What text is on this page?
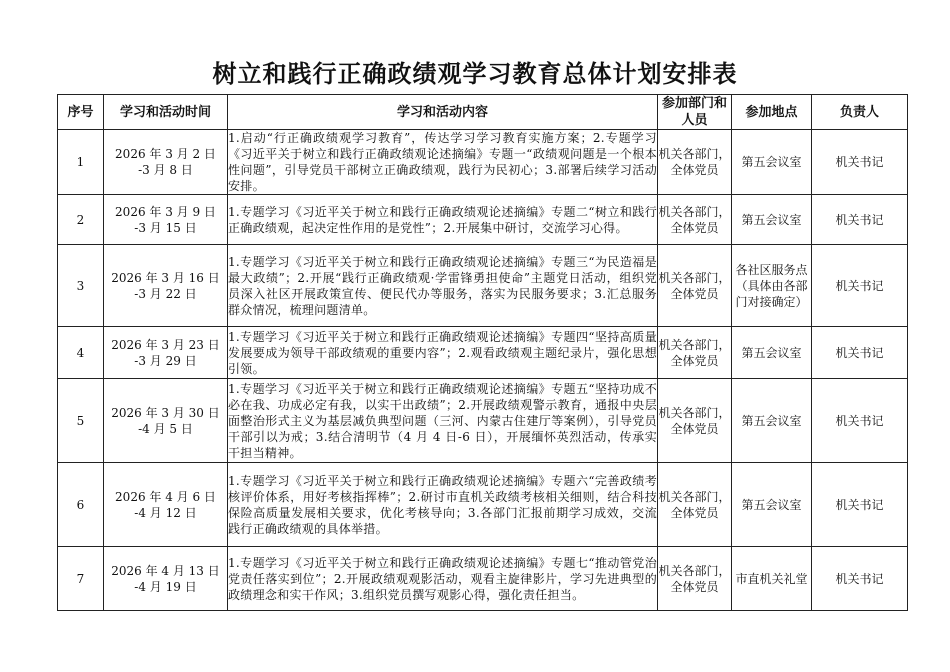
树立和践行正确政绩观学习教育总体计划安排表
序号	学习和活动时间	学习和活动内容	参加部门和人员	参加地点	负责人
1	2026 年 3 月 2 日
-3 月 8 日	1.启动“行正确政绩观学习教育”，传达学习学习教育实施方案；2.专题学习《习近平关于树立和践行正确政绩观论述摘编》专题一“政绩观问题是一个根本性问题”，引导党员干部树立正确政绩观，践行为民初心；3.部署后续学习活动安排。	机关各部门，全体党员	第五会议室	机关书记
2	2026 年 3 月 9 日
-3 月 15 日	1.专题学习《习近平关于树立和践行正确政绩观论述摘编》专题二“树立和践行正确政绩观，起决定性作用的是党性”；2.开展集中研讨，交流学习心得。	机关各部门，全体党员	第五会议室	机关书记
3	2026 年 3 月 16 日
-3 月 22 日	1.专题学习《习近平关于树立和践行正确政绩观论述摘编》专题三“为民造福是最大政绩”；2.开展“践行正确政绩观·学雷锋勇担使命”主题党日活动，组织党员深入社区开展政策宣传、便民代办等服务，落实为民服务要求；3.汇总服务群众情况，梳理问题清单。	机关各部门，全体党员	各社区服务点（具体由各部门对接确定）	机关书记
4	2026 年 3 月 23 日
-3 月 29 日	1.专题学习《习近平关于树立和践行正确政绩观论述摘编》专题四“坚持高质量发展要成为领导干部政绩观的重要内容”；2.观看政绩观主题纪录片，强化思想引领。	机关各部门，全体党员	第五会议室	机关书记
5	2026 年 3 月 30 日
-4 月 5 日	1.专题学习《习近平关于树立和践行正确政绩观论述摘编》专题五“坚持功成不必在我、功成必定有我，以实干出政绩”；2.开展政绩观警示教育，通报中央层面整治形式主义为基层减负典型问题（三河、内蒙古住建厅等案例），引导党员干部引以为戒；3.结合清明节（4 月 4 日-6 日），开展缅怀英烈活动，传承实干担当精神。	机关各部门，全体党员	第五会议室	机关书记
6	2026 年 4 月 6 日
-4 月 12 日	1.专题学习《习近平关于树立和践行正确政绩观论述摘编》专题六“完善政绩考核评价体系，用好考核指挥棒”；2.研讨市直机关政绩考核相关细则，结合科技保险高质量发展相关要求，优化考核导向；3.各部门汇报前期学习成效，交流践行正确政绩观的具体举措。	机关各部门，全体党员	第五会议室	机关书记
7	2026 年 4 月 13 日
-4 月 19 日	1.专题学习《习近平关于树立和践行正确政绩观论述摘编》专题七“推动管党治党责任落实到位”；2.开展政绩观观影活动，观看主旋律影片，学习先进典型的政绩理念和实干作风；3.组织党员撰写观影心得，强化责任担当。	机关各部门，全体党员	市直机关礼堂	机关书记
